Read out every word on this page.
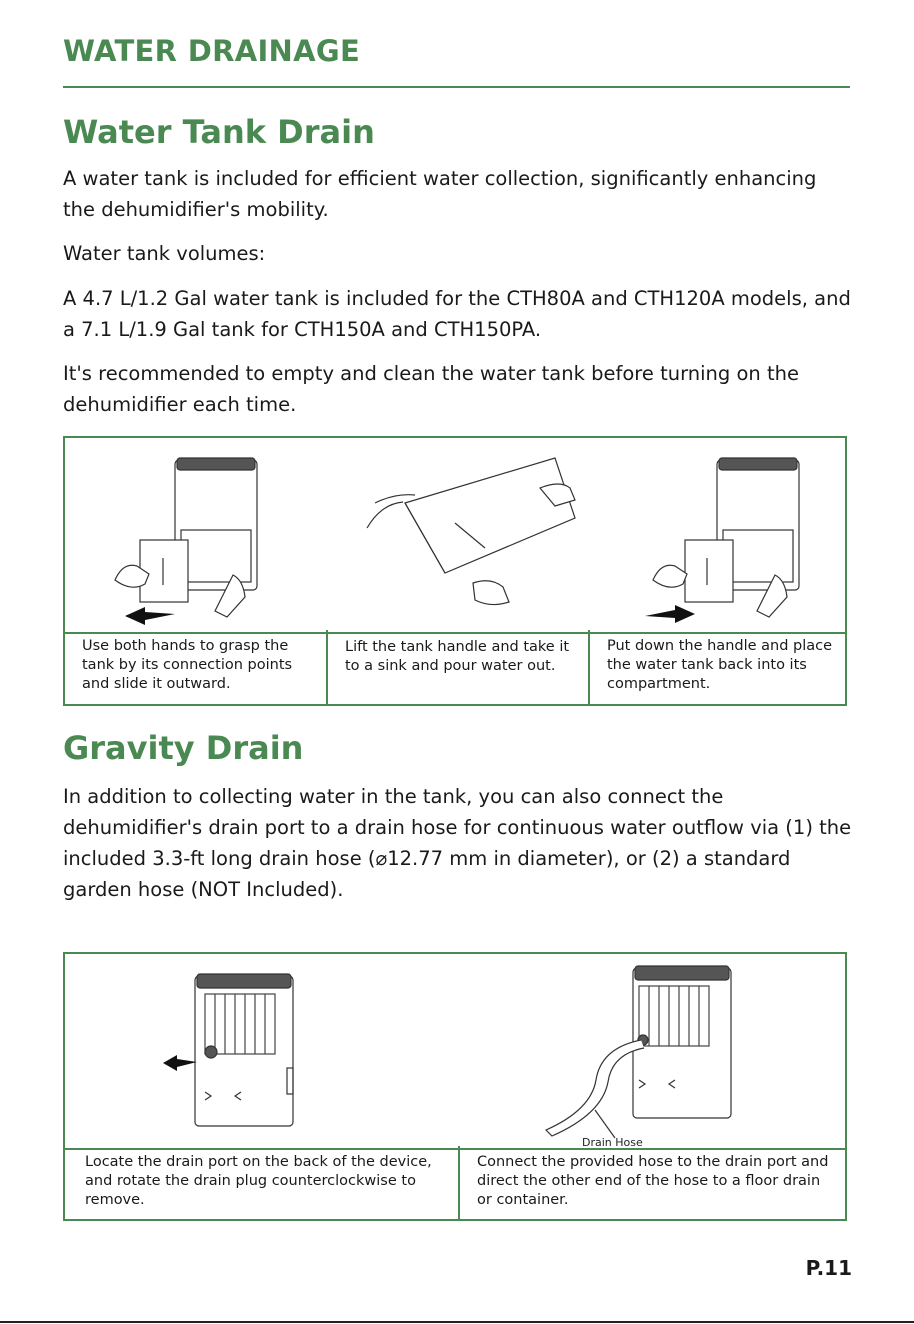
WATER DRAINAGE
Water Tank Drain

A water tank is included for efficient water collection, significantly enhancing the dehumidifier's mobility.

Water tank volumes:

A 4.7 L/1.2 Gal water tank is included for the CTH80A and CTH120A models, and a 7.1 L/1.9 Gal tank for CTH150A and CTH150PA.

It's recommended to empty and clean the water tank before turning on the dehumidifier each time.

Use both hands to grasp the tank by its connection points and slide it outward.
Lift the tank handle and take it to a sink and pour water out.
Put down the handle and place the water tank back into its compartment.
Gravity Drain

In addition to collecting water in the tank, you can also connect the dehumidifier's drain port to a drain hose for continuous water outflow via (1) the included 3.3-ft long drain hose (⌀12.77 mm in diameter), or (2) a standard garden hose (NOT Included).

Drain Hose
Locate the drain port on the back of the device, and rotate the drain plug counterclockwise to remove.
Connect the provided hose to the drain port and direct the other end of the hose to a floor drain or container.
P.11
